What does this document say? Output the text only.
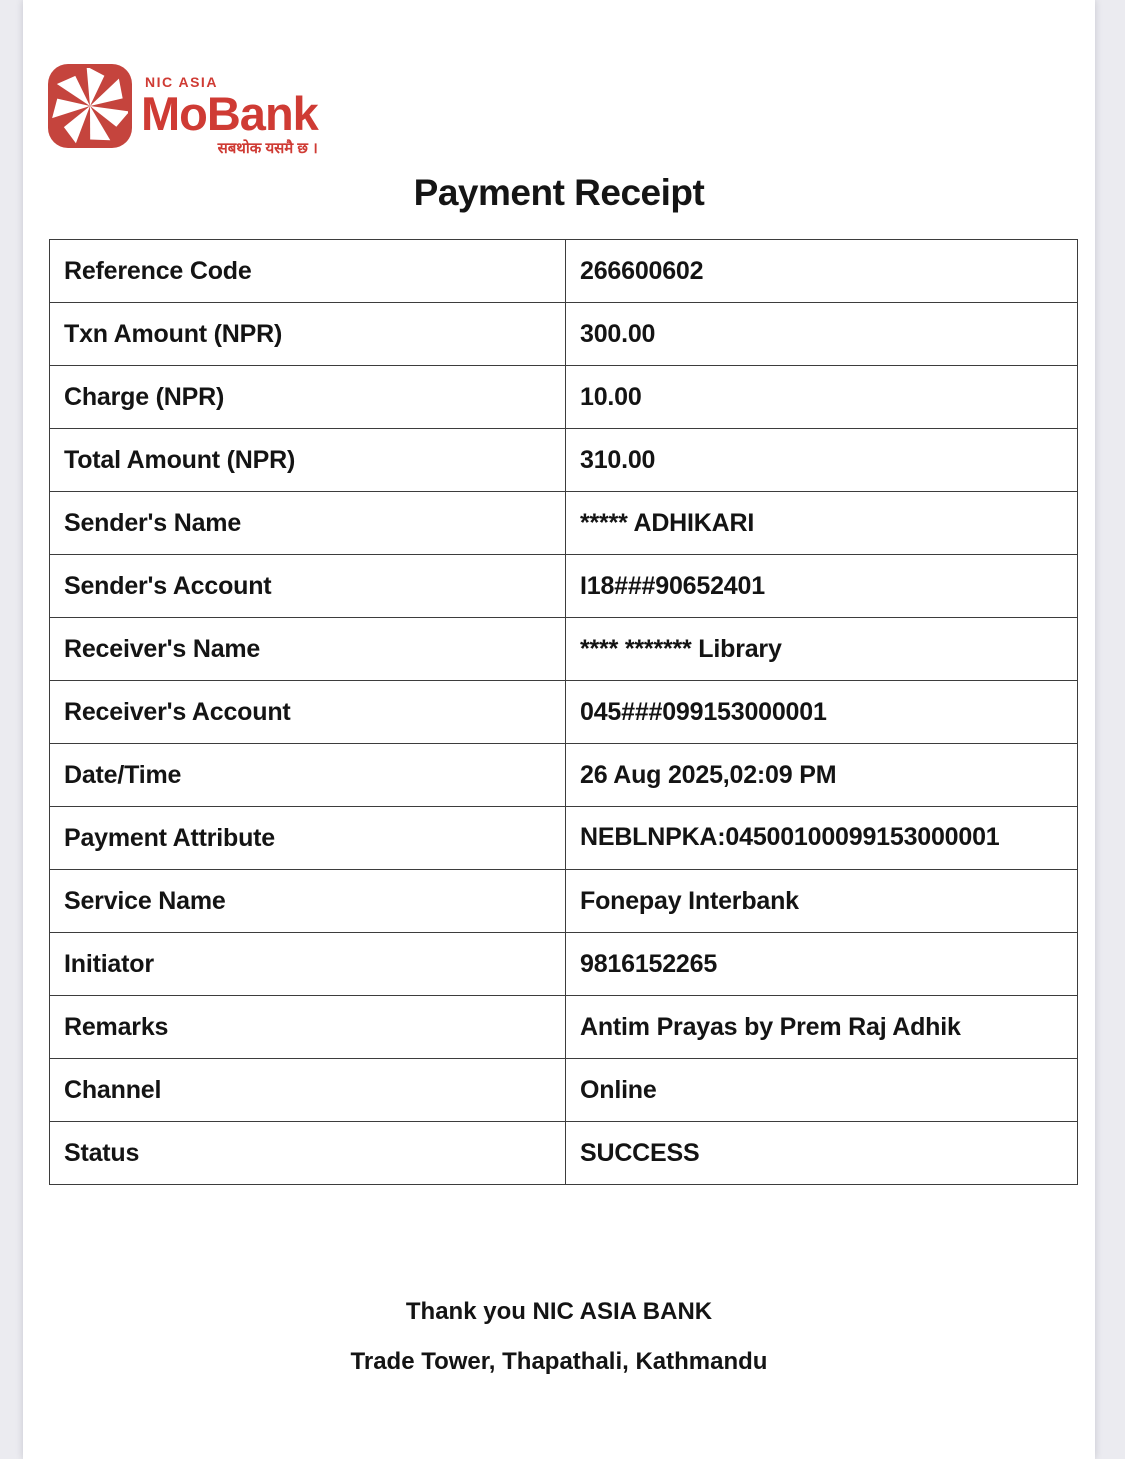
NIC ASIA
MoBank
सबथोक यसमै छ ।
Payment Receipt
Reference Code	266600602
Txn Amount (NPR)	300.00
Charge (NPR)	10.00
Total Amount (NPR)	310.00
Sender's Name	***** ADHIKARI
Sender's Account	I18###90652401
Receiver's Name	**** ******* Library
Receiver's Account	045###099153000001
Date/Time	26 Aug 2025,02:09 PM
Payment Attribute	NEBLNPKA:04500100099153000001
Service Name	Fonepay Interbank
Initiator	9816152265
Remarks	Antim Prayas by Prem Raj Adhik
Channel	Online
Status	SUCCESS
Thank you NIC ASIA BANK
Trade Tower, Thapathali, Kathmandu
